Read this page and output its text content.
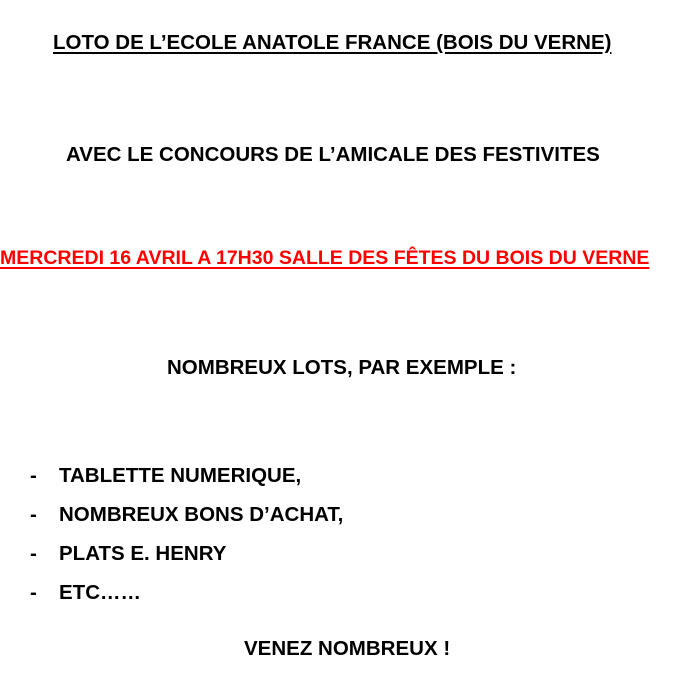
LOTO DE L’ECOLE ANATOLE FRANCE (BOIS DU VERNE)
AVEC LE CONCOURS DE L’AMICALE DES FESTIVITES
MERCREDI 16 AVRIL A 17H30 SALLE DES FÊTES DU BOIS DU VERNE
NOMBREUX LOTS, PAR EXEMPLE :
- TABLETTE NUMERIQUE,
- NOMBREUX BONS D’ACHAT,
- PLATS E. HENRY
- ETC……
VENEZ NOMBREUX !
